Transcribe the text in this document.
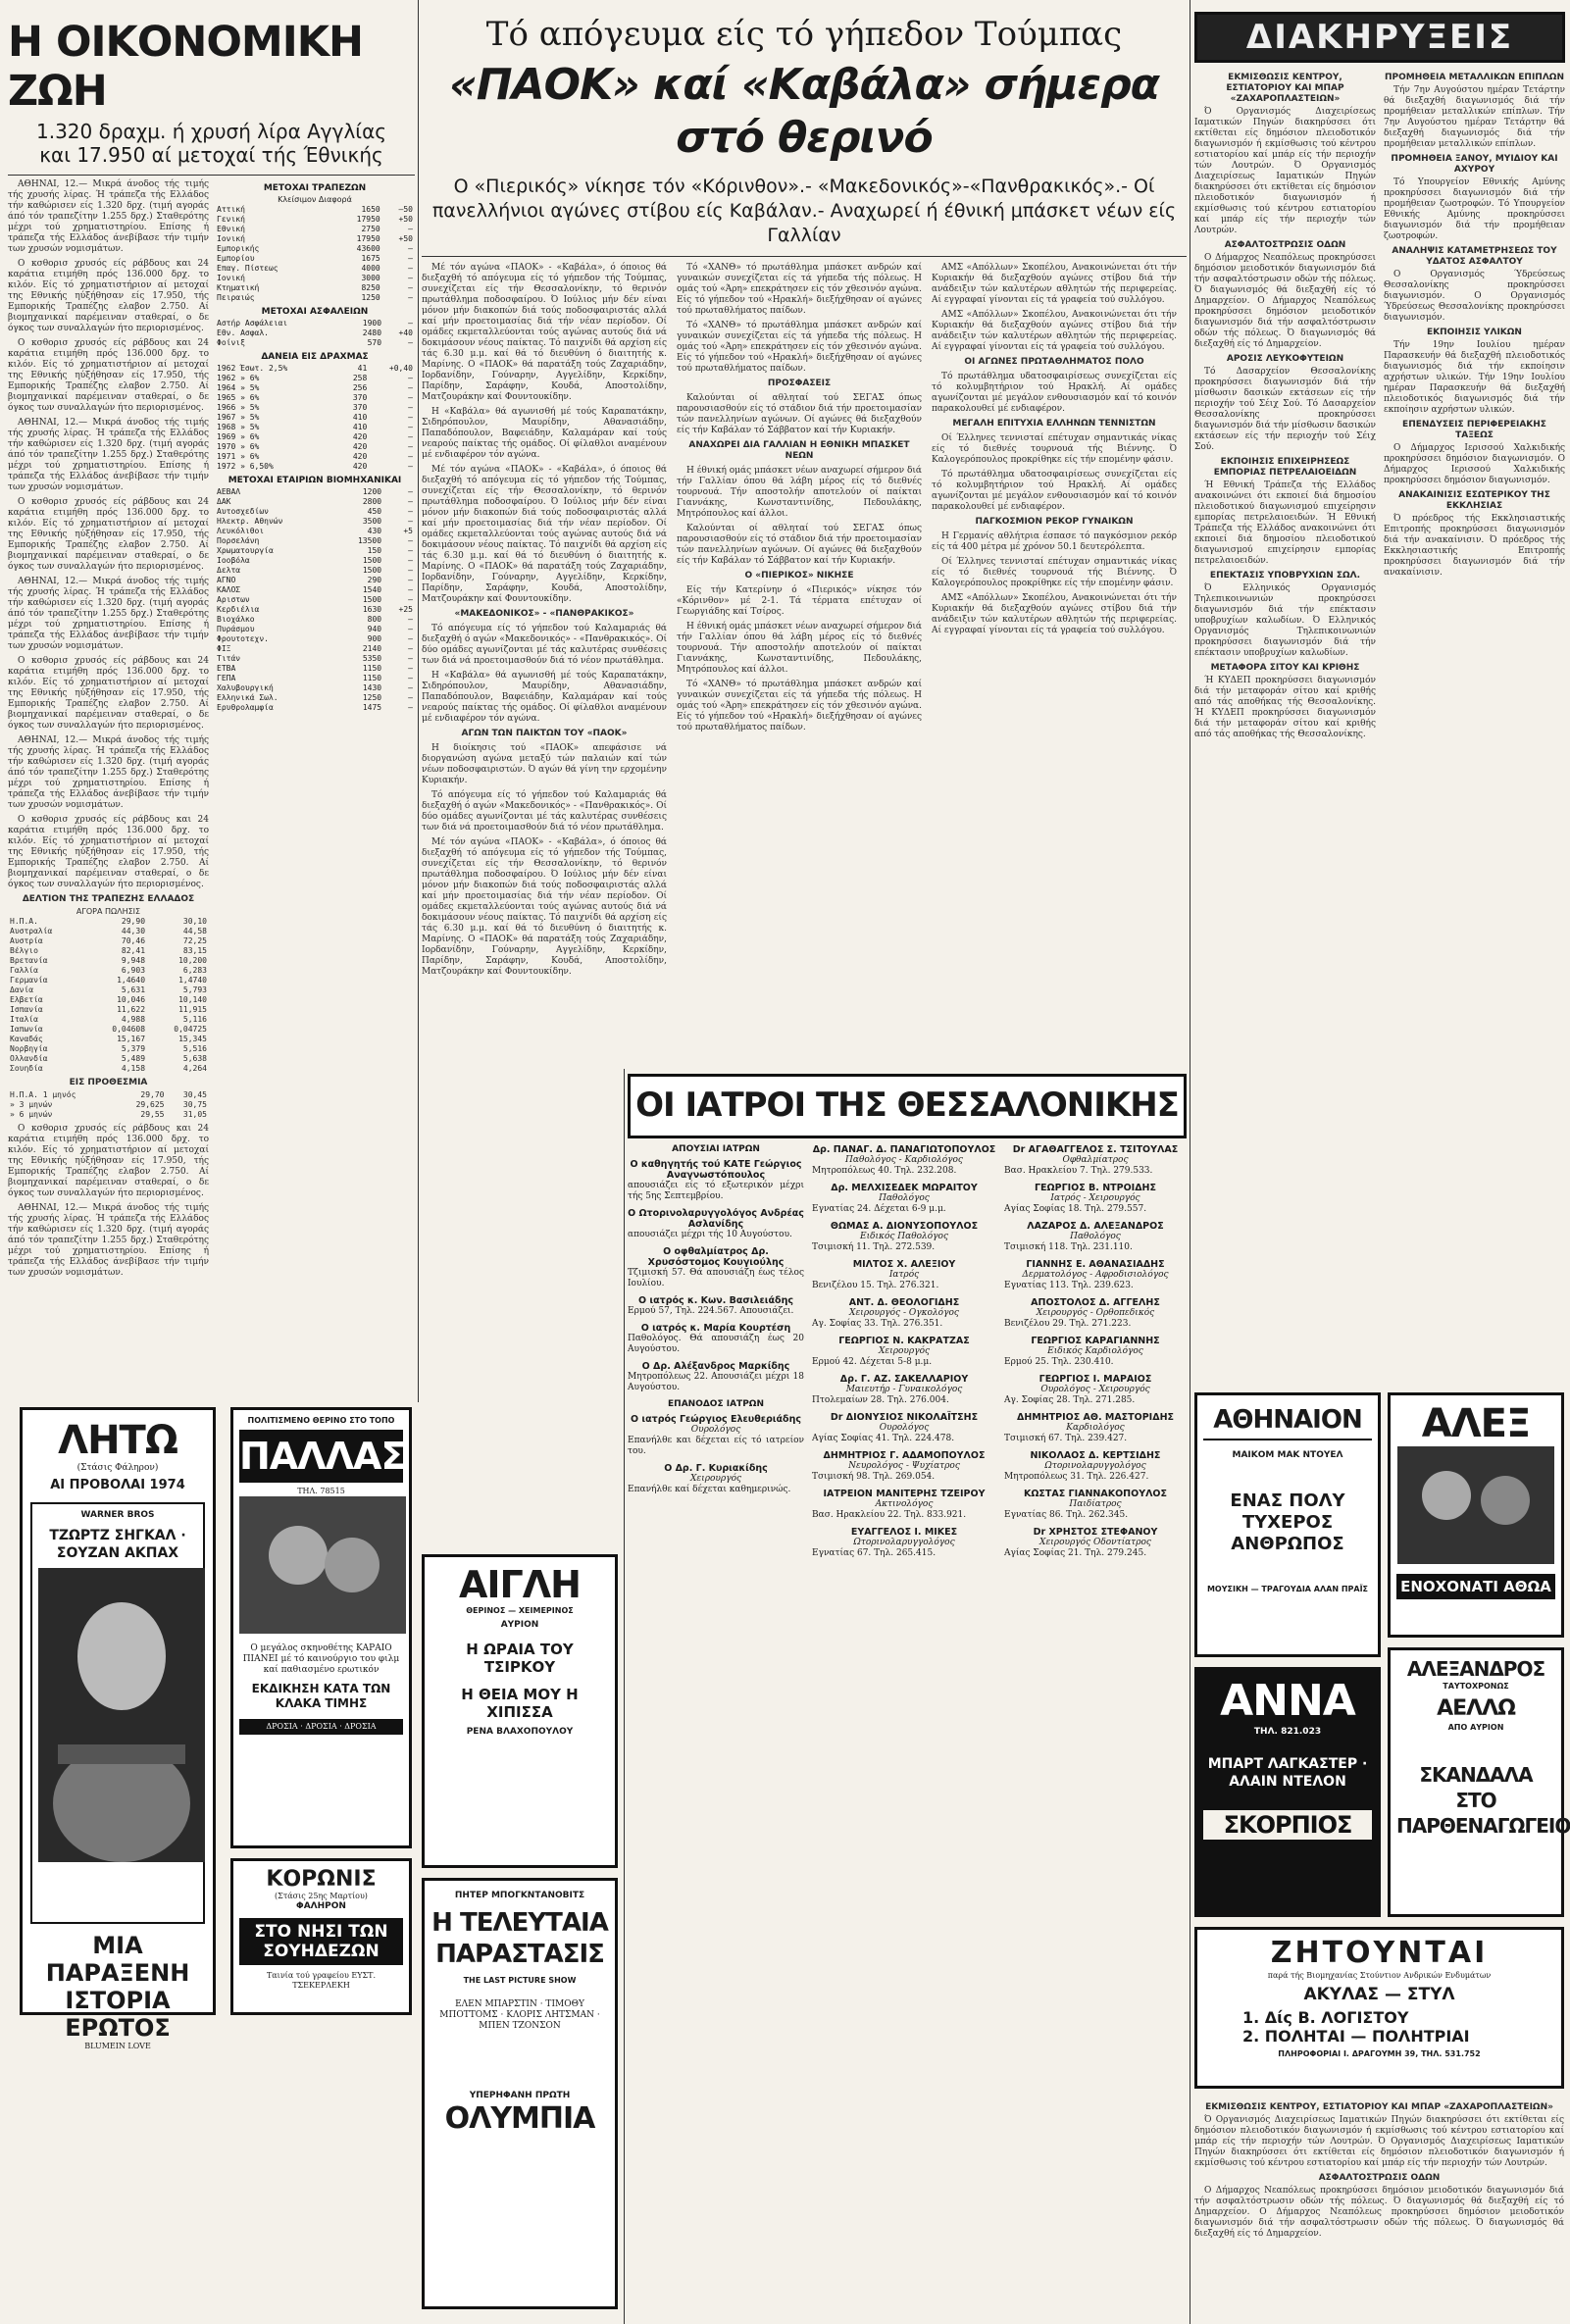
Η ΟΙΚΟΝΟΜΙΚΗ ΖΩΗ
1.320 δραχμ. ή χρυσή λίρα Αγγλίας και 17.950 αί μετοχαί τής Έθνικής

ΑΘΗΝΑΙ, 12.— Μικρά άνοδος τής τιμής τής χρυσής λίρας. Ή τράπεζα τής Ελλάδος τήν καθώρισεν είς 1.320 δρχ. (τιμή αγοράς άπό τόν τραπεζίτην 1.255 δρχ.) Σταθερότης μέχρι τού χρηματιστηρίου. Επίσης ή τράπεζα τής Ελλάδος άνεβίβασε τήν τιμήν των χρυσών νομισμάτων.

Ο κσθορισ χρυσός είς ράβδους και 24 καράτια ετιμήθη πρός 136.000 δρχ. το κιλόν. Είς τό χρηματιστήριον αί μετοχαί της Εθνικής ηύξήθησαν είς 17.950, τής Εμπορικής Τραπέζης ελαβον 2.750. Αί βιομηχανικαί παρέμειναν σταθεραί, ο δε όγκος των συναλλαγών ήτο περιορισμένος.

Ο κσθορισ χρυσός είς ράβδους και 24 καράτια ετιμήθη πρός 136.000 δρχ. το κιλόν. Είς τό χρηματιστήριον αί μετοχαί της Εθνικής ηύξήθησαν είς 17.950, τής Εμπορικής Τραπέζης ελαβον 2.750. Αί βιομηχανικαί παρέμειναν σταθεραί, ο δε όγκος των συναλλαγών ήτο περιορισμένος.

ΑΘΗΝΑΙ, 12.— Μικρά άνοδος τής τιμής τής χρυσής λίρας. Ή τράπεζα τής Ελλάδος τήν καθώρισεν είς 1.320 δρχ. (τιμή αγοράς άπό τόν τραπεζίτην 1.255 δρχ.) Σταθερότης μέχρι τού χρηματιστηρίου. Επίσης ή τράπεζα τής Ελλάδος άνεβίβασε τήν τιμήν των χρυσών νομισμάτων.

Ο κσθορισ χρυσός είς ράβδους και 24 καράτια ετιμήθη πρός 136.000 δρχ. το κιλόν. Είς τό χρηματιστήριον αί μετοχαί της Εθνικής ηύξήθησαν είς 17.950, τής Εμπορικής Τραπέζης ελαβον 2.750. Αί βιομηχανικαί παρέμειναν σταθεραί, ο δε όγκος των συναλλαγών ήτο περιορισμένος.

ΑΘΗΝΑΙ, 12.— Μικρά άνοδος τής τιμής τής χρυσής λίρας. Ή τράπεζα τής Ελλάδος τήν καθώρισεν είς 1.320 δρχ. (τιμή αγοράς άπό τόν τραπεζίτην 1.255 δρχ.) Σταθερότης μέχρι τού χρηματιστηρίου. Επίσης ή τράπεζα τής Ελλάδος άνεβίβασε τήν τιμήν των χρυσών νομισμάτων.

Ο κσθορισ χρυσός είς ράβδους και 24 καράτια ετιμήθη πρός 136.000 δρχ. το κιλόν. Είς τό χρηματιστήριον αί μετοχαί της Εθνικής ηύξήθησαν είς 17.950, τής Εμπορικής Τραπέζης ελαβον 2.750. Αί βιομηχανικαί παρέμειναν σταθεραί, ο δε όγκος των συναλλαγών ήτο περιορισμένος.

ΑΘΗΝΑΙ, 12.— Μικρά άνοδος τής τιμής τής χρυσής λίρας. Ή τράπεζα τής Ελλάδος τήν καθώρισεν είς 1.320 δρχ. (τιμή αγοράς άπό τόν τραπεζίτην 1.255 δρχ.) Σταθερότης μέχρι τού χρηματιστηρίου. Επίσης ή τράπεζα τής Ελλάδος άνεβίβασε τήν τιμήν των χρυσών νομισμάτων.

Ο κσθορισ χρυσός είς ράβδους και 24 καράτια ετιμήθη πρός 136.000 δρχ. το κιλόν. Είς τό χρηματιστήριον αί μετοχαί της Εθνικής ηύξήθησαν είς 17.950, τής Εμπορικής Τραπέζης ελαβον 2.750. Αί βιομηχανικαί παρέμειναν σταθεραί, ο δε όγκος των συναλλαγών ήτο περιορισμένος.

ΔΕΛΤΙΟΝ ΤΗΣ ΤΡΑΠΕΖΗΣ ΕΛΛΑΔΟΣ
ΑΓΟΡΑ ΠΩΛΗΣΙΣ
Η.Π.Α.	29,90	30,10
Αυστραλία	44,30	44,58
Αυστρία	70,46	72,25
Βέλγιο	82,41	83,15
Βρετανία	9,948	10,200
Γαλλία	6,903	6,283
Γερμανία	1,4640	1,4740
Δανία	5,631	5,793
Ελβετία	10,046	10,140
Ισπανία	11,622	11,915
Ιταλία	4,988	5,116
Ιαπωνία	0,04608	0,04725
Καναδάς	15,167	15,345
Νορβηγία	5,379	5,516
Ολλανδία	5,489	5,638
Σουηδία	4,158	4,264
ΕΙΣ ΠΡΟΘΕΣΜΙΑ
Η.Π.Α. 1 μηνός	29,70	30,45
» 3 μηνών	29,625	30,75
» 6 μηνών	29,55	31,05

Ο κσθορισ χρυσός είς ράβδους και 24 καράτια ετιμήθη πρός 136.000 δρχ. το κιλόν. Είς τό χρηματιστήριον αί μετοχαί της Εθνικής ηύξήθησαν είς 17.950, τής Εμπορικής Τραπέζης ελαβον 2.750. Αί βιομηχανικαί παρέμειναν σταθεραί, ο δε όγκος των συναλλαγών ήτο περιορισμένος.

ΑΘΗΝΑΙ, 12.— Μικρά άνοδος τής τιμής τής χρυσής λίρας. Ή τράπεζα τής Ελλάδος τήν καθώρισεν είς 1.320 δρχ. (τιμή αγοράς άπό τόν τραπεζίτην 1.255 δρχ.) Σταθερότης μέχρι τού χρηματιστηρίου. Επίσης ή τράπεζα τής Ελλάδος άνεβίβασε τήν τιμήν των χρυσών νομισμάτων.

ΜΕΤΟΧΑΙ ΤΡΑΠΕΖΩΝ
Κλείσιμον Διαφορά
Αττική	1650	—50
Γενική	17950	+50
Εθνική	2750	—
Ιονική	17950	+50
Εμπορικής	43600	—
Εμπορίου	1675	—
Επαγ. Πίστεως	4000	—
Ιονική	3000	—
Κτηματική	8250	—
Πειραιώς	1250	—
ΜΕΤΟΧΑΙ ΑΣΦΑΛΕΙΩΝ
Αστήρ Ασφάλειαι	1900	—
Εθν. Ασφαλ.	2480	+40
Φοίνιξ	570	—
ΔΑΝΕΙΑ ΕΙΣ ΔΡΑΧΜΑΣ
1962 Έσωτ. 2,5%	41	+0,40
1962 » 6%	258	—
1964 » 5%	256	—
1965 » 6%	370	—
1966 » 5%	370	—
1967 » 5%	410	—
1968 » 5%	410	—
1969 » 6%	420	—
1970 » 6%	420	—
1971 » 6%	420	—
1972 » 6,50%	420	—
ΜΕΤΟΧΑΙ ΕΤΑΙΡΙΩΝ ΒΙΟΜΗΧΑΝΙΚΑΙ
ΑΕΒΑΛ	1200	—
ΔΑΚ	2800	—
Αυτοσχεδίων	450	—
Ηλεκτρ. Αθηνών	3500	—
Λευκόλιθοι	430	+5
Πορσελάνη	13500	—
Χρωματουργία	150	—
Ιοοβόλα	1500	—
Δελτα	1500	—
ΑΓΝΟ	290	—
ΚΑΛΟΣ	1540	—
Αριστων	1500	—
Κερδιέλια	1630	+25
Βιοχάλκο	800	—
Πυράσμου	940	—
Φρουτοτεχν.	900	—
ΦΙΞ	2140	—
Τιτάν	5350	—
ΕΤΒΑ	1150	—
ΓΕΠΑ	1150	—
Χαλυβουργική	1430	—
Ελληνικά Σωλ.	1250	—
Ερυθρολαμφία	1475	—
ΛΗΤΩ
(Στάσις Φάληρον)
ΑΙ ΠΡΟΒΟΛΑΙ 1974
WARNER BROS
ΤΖΩΡΤΖ ΣΗΓΚΑΛ · ΣΟΥΖΑΝ ΑΚΠΑΧ
ΜΙΑ ΠΑΡΑΞΕΝΗ ΙΣΤΟΡΙΑ ΕΡΩΤΟΣ
BLUMEIN LOVE
ΠΟΛΙΤΙΣΜΕΝΟ ΘΕΡΙΝΟ ΣΤΟ ΤΟΠΟ
ΠΑΛΛΑΣ
ΤΗΛ. 78515
Ο μεγάλος σκηνοθέτης ΚΑΡΑΙΟ ΠΙΑΝΕΙ μέ τό καινούργιο του φιλμ καί παθιασμένο ερωτικόν
ΕΚΔΙΚΗΣΗ ΚΑΤΑ ΤΩΝ ΚΛΑΚΑ ΤΙΜΗΣ
ΔΡΟΣΙΑ · ΔΡΟΣΙΑ · ΔΡΟΣΙΑ
ΚΟΡΩΝΙΣ
(Στάσις 25ης Μαρτίου)
ΦΑΛΗΡΟΝ
ΣΤΟ ΝΗΣΙ ΤΩΝ ΣΟΥΗΔΕΖΩΝ
Ταινία τού γραφείου ΕΥΣΤ. ΤΣΕΚΕΡΛΕΚΗ
Τό απόγευμα είς τό γήπεδον Τούμπας
«ΠΑΟΚ» καί «Καβάλα» σήμερα στό θερινό
Ο «Πιερικός» νίκησε τόν «Κόρινθον».- «Μακεδονικός»-«Πανθρακικός».- Οί πανελλήνιοι αγώνες στίβου είς Καβάλαν.- Αναχωρεί ή έθνική μπάσκετ νέων είς Γαλλίαν

Μέ τόν αγώνα «ΠΑΟΚ» - «Καβάλα», ό όποιος θά διεξαχθή τό απόγευμα είς τό γήπεδον τής Τούμπας, συνεχίζεται είς τήν Θεσσαλονίκην, τό θερινόν πρωτάθλημα ποδοσφαίρου. Ό Ιούλιος μήν δέν είναι μόνον μήν διακοπών διά τούς ποδοσφαιριστάς αλλά καί μήν προετοιμασίας διά τήν νέαν περίοδον. Οί ομάδες εκμεταλλεύονται τούς αγώνας αυτούς διά νά δοκιμάσουν νέους παίκτας. Τό παιχνίδι θά αρχίση είς τάς 6.30 μ.μ. καί θά τό διευθύνη ό διαιτητής κ. Μαρίνης. Ο «ΠΑΟΚ» θά παρατάξη τούς Ζαχαριάδην, Ιορδανίδην, Γούναρην, Αγγελίδην, Κερκίδην, Παρίδην, Σαράφην, Κουδά, Αποστολίδην, Ματζουράκην καί Φουντουκίδην.

Η «Καβάλα» θά αγωνισθή μέ τούς Καραπατάκην, Σιδηρόπουλον, Μαυρίδην, Αθανασιάδην, Παπαδόπουλον, Βαφειάδην, Καλαμάραν καί τούς νεαρούς παίκτας τής ομάδος. Οί φίλαθλοι αναμένουν μέ ενδιαφέρον τόν αγώνα.

Μέ τόν αγώνα «ΠΑΟΚ» - «Καβάλα», ό όποιος θά διεξαχθή τό απόγευμα είς τό γήπεδον τής Τούμπας, συνεχίζεται είς τήν Θεσσαλονίκην, τό θερινόν πρωτάθλημα ποδοσφαίρου. Ό Ιούλιος μήν δέν είναι μόνον μήν διακοπών διά τούς ποδοσφαιριστάς αλλά καί μήν προετοιμασίας διά τήν νέαν περίοδον. Οί ομάδες εκμεταλλεύονται τούς αγώνας αυτούς διά νά δοκιμάσουν νέους παίκτας. Τό παιχνίδι θά αρχίση είς τάς 6.30 μ.μ. καί θά τό διευθύνη ό διαιτητής κ. Μαρίνης. Ο «ΠΑΟΚ» θά παρατάξη τούς Ζαχαριάδην, Ιορδανίδην, Γούναρην, Αγγελίδην, Κερκίδην, Παρίδην, Σαράφην, Κουδά, Αποστολίδην, Ματζουράκην καί Φουντουκίδην.

«ΜΑΚΕΔΟΝΙΚΟΣ» - «ΠΑΝΘΡΑΚΙΚΟΣ»

Τό απόγευμα είς τό γήπεδον τού Καλαμαριάς θά διεξαχθή ό αγών «Μακεδονικός» - «Πανθρακικός». Οί δύο ομάδες αγωνίζονται μέ τάς καλυτέρας συνθέσεις των διά νά προετοιμασθούν διά τό νέον πρωτάθλημα.

Η «Καβάλα» θά αγωνισθή μέ τούς Καραπατάκην, Σιδηρόπουλον, Μαυρίδην, Αθανασιάδην, Παπαδόπουλον, Βαφειάδην, Καλαμάραν καί τούς νεαρούς παίκτας τής ομάδος. Οί φίλαθλοι αναμένουν μέ ενδιαφέρον τόν αγώνα.

ΑΓΩΝ ΤΩΝ ΠΑΙΚΤΩΝ ΤΟΥ «ΠΑΟΚ»

Η διοίκησις τού «ΠΑΟΚ» απεφάσισε νά διοργανώση αγώνα μεταξύ τών παλαιών καί τών νέων ποδοσφαιριστών. Ό αγών θά γίνη την ερχομένην Κυριακήν.

Τό απόγευμα είς τό γήπεδον τού Καλαμαριάς θά διεξαχθή ό αγών «Μακεδονικός» - «Πανθρακικός». Οί δύο ομάδες αγωνίζονται μέ τάς καλυτέρας συνθέσεις των διά νά προετοιμασθούν διά τό νέον πρωτάθλημα.

Μέ τόν αγώνα «ΠΑΟΚ» - «Καβάλα», ό όποιος θά διεξαχθή τό απόγευμα είς τό γήπεδον τής Τούμπας, συνεχίζεται είς τήν Θεσσαλονίκην, τό θερινόν πρωτάθλημα ποδοσφαίρου. Ό Ιούλιος μήν δέν είναι μόνον μήν διακοπών διά τούς ποδοσφαιριστάς αλλά καί μήν προετοιμασίας διά τήν νέαν περίοδον. Οί ομάδες εκμεταλλεύονται τούς αγώνας αυτούς διά νά δοκιμάσουν νέους παίκτας. Τό παιχνίδι θά αρχίση είς τάς 6.30 μ.μ. καί θά τό διευθύνη ό διαιτητής κ. Μαρίνης. Ο «ΠΑΟΚ» θά παρατάξη τούς Ζαχαριάδην, Ιορδανίδην, Γούναρην, Αγγελίδην, Κερκίδην, Παρίδην, Σαράφην, Κουδά, Αποστολίδην, Ματζουράκην καί Φουντουκίδην.

Τό «ΧΑΝΘ» τό πρωτάθλημα μπάσκετ ανδρών καί γυναικών συνεχίζεται είς τά γήπεδα τής πόλεως. Η ομάς τού «Άρη» επεκράτησεν είς τόν χθεσινόν αγώνα. Είς τό γήπεδον τού «Ηρακλή» διεξήχθησαν οί αγώνες τού πρωταθλήματος παίδων.

Τό «ΧΑΝΘ» τό πρωτάθλημα μπάσκετ ανδρών καί γυναικών συνεχίζεται είς τά γήπεδα τής πόλεως. Η ομάς τού «Άρη» επεκράτησεν είς τόν χθεσινόν αγώνα. Είς τό γήπεδον τού «Ηρακλή» διεξήχθησαν οί αγώνες τού πρωταθλήματος παίδων.

ΠΡΟΣΦΑΣΕΙΣ

Καλούνται οί αθληταί τού ΣΕΓΑΣ όπως παρουσιασθούν είς τό στάδιον διά τήν προετοιμασίαν τών πανελληνίων αγώνων. Οί αγώνες θά διεξαχθούν είς τήν Καβάλαν τό Σάββατον καί τήν Κυριακήν.

ΑΝΑΧΩΡΕΙ ΔΙΑ ΓΑΛΛΙΑΝ Η ΕΘΝΙΚΗ ΜΠΑΣΚΕΤ ΝΕΩΝ

Η έθνική ομάς μπάσκετ νέων αναχωρεί σήμερον διά τήν Γαλλίαν όπου θά λάβη μέρος είς τό διεθνές τουρνουά. Τήν αποστολήν αποτελούν οί παίκται Γιαννάκης, Κωνσταντινίδης, Πεδουλάκης, Μητρόπουλος καί άλλοι.

Καλούνται οί αθληταί τού ΣΕΓΑΣ όπως παρουσιασθούν είς τό στάδιον διά τήν προετοιμασίαν τών πανελληνίων αγώνων. Οί αγώνες θά διεξαχθούν είς τήν Καβάλαν τό Σάββατον καί τήν Κυριακήν.

Ο «ΠΙΕΡΙΚΟΣ» ΝΙΚΗΣΕ

Είς τήν Κατερίνην ό «Πιερικός» νίκησε τόν «Κόρινθον» μέ 2-1. Τά τέρματα επέτυχαν οί Γεωργιάδης καί Τσίρος.

Η έθνική ομάς μπάσκετ νέων αναχωρεί σήμερον διά τήν Γαλλίαν όπου θά λάβη μέρος είς τό διεθνές τουρνουά. Τήν αποστολήν αποτελούν οί παίκται Γιαννάκης, Κωνσταντινίδης, Πεδουλάκης, Μητρόπουλος καί άλλοι.

Τό «ΧΑΝΘ» τό πρωτάθλημα μπάσκετ ανδρών καί γυναικών συνεχίζεται είς τά γήπεδα τής πόλεως. Η ομάς τού «Άρη» επεκράτησεν είς τόν χθεσινόν αγώνα. Είς τό γήπεδον τού «Ηρακλή» διεξήχθησαν οί αγώνες τού πρωταθλήματος παίδων.

ΑΜΣ «Απόλλων» Σκοπέλου, Ανακοινώνεται ότι τήν Κυριακήν θά διεξαχθούν αγώνες στίβου διά τήν ανάδειξιν τών καλυτέρων αθλητών τής περιφερείας. Αί εγγραφαί γίνονται είς τά γραφεία τού συλλόγου.

ΑΜΣ «Απόλλων» Σκοπέλου, Ανακοινώνεται ότι τήν Κυριακήν θά διεξαχθούν αγώνες στίβου διά τήν ανάδειξιν τών καλυτέρων αθλητών τής περιφερείας. Αί εγγραφαί γίνονται είς τά γραφεία τού συλλόγου.

ΟΙ ΑΓΩΝΕΣ ΠΡΩΤΑΘΛΗΜΑΤΟΣ ΠΟΛΟ

Τό πρωτάθλημα υδατοσφαιρίσεως συνεχίζεται είς τό κολυμβητήριον τού Ηρακλή. Αί ομάδες αγωνίζονται μέ μεγάλον ενθουσιασμόν καί τό κοινόν παρακολουθεί μέ ενδιαφέρον.

ΜΕΓΑΛΗ ΕΠΙΤΥΧΙΑ ΕΛΛΗΝΩΝ ΤΕΝΝΙΣΤΩΝ

Οί Έλληνες τεννισταί επέτυχαν σημαντικάς νίκας είς τό διεθνές τουρνουά τής Βιέννης. Ό Καλογερόπουλος προκρίθηκε είς τήν επομένην φάσιν.

Τό πρωτάθλημα υδατοσφαιρίσεως συνεχίζεται είς τό κολυμβητήριον τού Ηρακλή. Αί ομάδες αγωνίζονται μέ μεγάλον ενθουσιασμόν καί τό κοινόν παρακολουθεί μέ ενδιαφέρον.

ΠΑΓΚΟΣΜΙΟΝ ΡΕΚΟΡ ΓΥΝΑΙΚΩΝ

Η Γερμανίς αθλήτρια έσπασε τό παγκόσμιον ρεκόρ είς τά 400 μέτρα μέ χρόνον 50.1 δευτερόλεπτα.

Οί Έλληνες τεννισταί επέτυχαν σημαντικάς νίκας είς τό διεθνές τουρνουά τής Βιέννης. Ό Καλογερόπουλος προκρίθηκε είς τήν επομένην φάσιν.

ΑΜΣ «Απόλλων» Σκοπέλου, Ανακοινώνεται ότι τήν Κυριακήν θά διεξαχθούν αγώνες στίβου διά τήν ανάδειξιν τών καλυτέρων αθλητών τής περιφερείας. Αί εγγραφαί γίνονται είς τά γραφεία τού συλλόγου.

ΟΙ ΙΑΤΡΟΙ ΤΗΣ ΘΕΣΣΑΛΟΝΙΚΗΣ
ΑΠΟΥΣΙΑΙ ΙΑΤΡΩΝ
Ο καθηγητής τού ΚΑΤΕ Γεώργιος Αναγνωστόπουλος
απουσιάζει είς τό εξωτερικόν μέχρι τής 5ης Σεπτεμβρίου.
Ο Ωτορινολαρυγγολόγος Ανδρέας Ασλανίδης
απουσιάζει μέχρι τής 10 Αυγούστου.
Ο οφθαλμίατρος Δρ. Χρυσόστομος Κουγιούλης
Τζιμισκή 57. Θά απουσιάζη έως τέλος Ιουλίου.
Ο ιατρός κ. Κων. Βασιλειάδης
Ερμού 57, Τηλ. 224.567. Απουσιάζει.
Ο ιατρός κ. Μαρία Κουρτέση
Παθολόγος. Θά απουσιάζη έως 20 Αυγούστου.
Ο Δρ. Αλέξανδρος Μαρκίδης
Μητροπόλεως 22. Απουσιάζει μέχρι 18 Αυγούστου.
ΕΠΑΝΟΔΟΣ ΙΑΤΡΩΝ
Ο ιατρός Γεώργιος Ελευθεριάδης
Ουρολόγος
Επανήλθε και δέχεται είς τό ιατρείον του.
Ο Δρ. Γ. Κυριακίδης
Χειρουργός
Επανήλθε καί δέχεται καθημερινώς.
Δρ. ΠΑΝΑΓ. Δ. ΠΑΝΑΓΙΩΤΟΠΟΥΛΟΣ
Παθολόγος - Καρδιολόγος
Μητροπόλεως 40. Τηλ. 232.208.
Δρ. ΜΕΛΧΙΣΕΔΕΚ ΜΩΡΑΙΤΟΥ
Παθολόγος
Εγνατίας 24. Δέχεται 6-9 μ.μ.
ΘΩΜΑΣ Α. ΔΙΟΝΥΣΟΠΟΥΛΟΣ
Ειδικός Παθολόγος
Τσιμισκή 11. Τηλ. 272.539.
ΜΙΛΤΟΣ Χ. ΑΛΕΞΙΟΥ
Ιατρός
Βενιζέλου 15. Τηλ. 276.321.
ΑΝΤ. Δ. ΘΕΟΛΟΓΙΔΗΣ
Χειρουργός - Ογκολόγος
Αγ. Σοφίας 33. Τηλ. 276.351.
ΓΕΩΡΓΙΟΣ Ν. ΚΑΚΡΑΤΖΑΣ
Χειρουργός
Ερμού 42. Δέχεται 5-8 μ.μ.
Δρ. Γ. ΑΖ. ΣΑΚΕΛΛΑΡΙΟΥ
Μαιευτήρ - Γυναικολόγος
Πτολεμαίων 28. Τηλ. 276.004.
Dr ΔΙΟΝΥΣΙΟΣ ΝΙΚΟΛΑΪΤΣΗΣ
Ουρολόγος
Αγίας Σοφίας 41. Τηλ. 224.478.
ΔΗΜΗΤΡΙΟΣ Γ. ΑΔΑΜΟΠΟΥΛΟΣ
Νευρολόγος - Ψυχίατρος
Τσιμισκή 98. Τηλ. 269.054.
ΙΑΤΡΕΙΟΝ ΜΑΝΙΤΕΡΗΣ ΤΖΕΙΡΟΥ
Ακτινολόγος
Βασ. Ηρακλείου 22. Τηλ. 833.921.
ΕΥΑΓΓΕΛΟΣ Ι. ΜΙΚΕΣ
Ωτορινολαρυγγολόγος
Εγνατίας 67. Τηλ. 265.415.
Dr ΑΓΑΘΑΓΓΕΛΟΣ Σ. ΤΣΙΤΟΥΛΑΣ
Οφθαλμίατρος
Βασ. Ηρακλείου 7. Τηλ. 279.533.
ΓΕΩΡΓΙΟΣ Β. ΝΤΡΟΙΔΗΣ
Ιατρός - Χειρουργός
Αγίας Σοφίας 18. Τηλ. 279.557.
ΛΑΖΑΡΟΣ Δ. ΑΛΕΞΑΝΔΡΟΣ
Παθολόγος
Τσιμισκή 118. Τηλ. 231.110.
ΓΙΑΝΝΗΣ Ε. ΑΘΑΝΑΣΙΑΔΗΣ
Δερματολόγος - Αφροδισιολόγος
Εγνατίας 113. Τηλ. 239.623.
ΑΠΟΣΤΟΛΟΣ Δ. ΑΓΓΕΛΗΣ
Χειρουργός - Ορθοπεδικός
Βενιζέλου 29. Τηλ. 271.223.
ΓΕΩΡΓΙΟΣ ΚΑΡΑΓΙΑΝΝΗΣ
Ειδικός Καρδιολόγος
Ερμού 25. Τηλ. 230.410.
ΓΕΩΡΓΙΟΣ Ι. ΜΑΡΑΙΟΣ
Ουρολόγος - Χειρουργός
Αγ. Σοφίας 28. Τηλ. 271.285.
ΔΗΜΗΤΡΙΟΣ ΑΘ. ΜΑΣΤΟΡΙΔΗΣ
Καρδιολόγος
Τσιμισκή 67. Τηλ. 239.427.
ΝΙΚΟΛΑΟΣ Δ. ΚΕΡΤΣΙΔΗΣ
Ωτορινολαρυγγολόγος
Μητροπόλεως 31. Τηλ. 226.427.
ΚΩΣΤΑΣ ΓΙΑΝΝΑΚΟΠΟΥΛΟΣ
Παιδίατρος
Εγνατίας 86. Τηλ. 262.345.
Dr ΧΡΗΣΤΟΣ ΣΤΕΦΑΝΟΥ
Χειρουργός Οδοντίατρος
Αγίας Σοφίας 21. Τηλ. 279.245.
ΑΙΓΛΗ
ΘΕΡΙΝΟΣ — ΧΕΙΜΕΡΙΝΟΣ
ΑΥΡΙΟΝ
Η ΩΡΑΙΑ ΤΟΥ ΤΣΙΡΚΟΥ
Η ΘΕΙΑ ΜΟΥ Η ΧΙΠΙΣΣΑ
ΡΕΝΑ ΒΛΑΧΟΠΟΥΛΟΥ
ΠΗΤΕΡ ΜΠΟΓΚΝΤΑΝΟΒΙΤΣ
Η ΤΕΛΕΥΤΑΙΑ ΠΑΡΑΣΤΑΣΙΣ
THE LAST PICTURE SHOW
ΕΛΕΝ ΜΠΑΡΣΤΙΝ · ΤΙΜΟΘΥ ΜΠΟΤΤΟΜΣ · ΚΛΟΡΙΣ ΛΗΤΣΜΑΝ · ΜΠΕΝ ΤΖΟΝΣΟΝ
ΥΠΕΡΗΦΑΝΗ ΠΡΩΤΗ
ΟΛΥΜΠΙΑ
ΔΙΑΚΗΡΥΞΕΙΣ
ΕΚΜΙΣΘΩΣΙΣ ΚΕΝΤΡΟΥ, ΕΣΤΙΑΤΟΡΙΟΥ ΚΑΙ ΜΠΑΡ «ΖΑΧΑΡΟΠΛΑΣΤΕΙΩΝ»

Ό Οργανισμός Διαχειρίσεως Ιαματικών Πηγών διακηρύσσει ότι εκτίθεται είς δημόσιον πλειοδοτικόν διαγωνισμόν ή εκμίσθωσις τού κέντρου εστιατορίου καί μπάρ είς τήν περιοχήν τών Λουτρών. Ό Οργανισμός Διαχειρίσεως Ιαματικών Πηγών διακηρύσσει ότι εκτίθεται είς δημόσιον πλειοδοτικόν διαγωνισμόν ή εκμίσθωσις τού κέντρου εστιατορίου καί μπάρ είς τήν περιοχήν τών Λουτρών.

ΑΣΦΑΛΤΟΣΤΡΩΣΙΣ ΟΔΩΝ

Ο Δήμαρχος Νεαπόλεως προκηρύσσει δημόσιον μειοδοτικόν διαγωνισμόν διά τήν ασφαλτόστρωσιν οδών τής πόλεως. Ό διαγωνισμός θά διεξαχθή είς τό Δημαρχείον. Ο Δήμαρχος Νεαπόλεως προκηρύσσει δημόσιον μειοδοτικόν διαγωνισμόν διά τήν ασφαλτόστρωσιν οδών τής πόλεως. Ό διαγωνισμός θά διεξαχθή είς τό Δημαρχείον.

ΑΡΟΣΙΣ ΛΕΥΚΟΦΥΤΕΙΩΝ

Τό Δασαρχείον Θεσσαλονίκης προκηρύσσει διαγωνισμόν διά τήν μίσθωσιν δασικών εκτάσεων είς τήν περιοχήν τού Σέιχ Σού. Τό Δασαρχείον Θεσσαλονίκης προκηρύσσει διαγωνισμόν διά τήν μίσθωσιν δασικών εκτάσεων είς τήν περιοχήν τού Σέιχ Σού.

ΕΚΠΟΙΗΣΙΣ ΕΠΙΧΕΙΡΗΣΕΩΣ ΕΜΠΟΡΙΑΣ ΠΕΤΡΕΛΑΙΟΕΙΔΩΝ

Ή Εθνική Τράπεζα τής Ελλάδος ανακοινώνει ότι εκποιεί διά δημοσίου πλειοδοτικού διαγωνισμού επιχείρησιν εμπορίας πετρελαιοειδών. Ή Εθνική Τράπεζα τής Ελλάδος ανακοινώνει ότι εκποιεί διά δημοσίου πλειοδοτικού διαγωνισμού επιχείρησιν εμπορίας πετρελαιοειδών.

ΕΠΕΚΤΑΣΙΣ ΥΠΟΒΡΥΧΙΩΝ ΣΩΛ.

Ό Ελληνικός Οργανισμός Τηλεπικοινωνιών προκηρύσσει διαγωνισμόν διά τήν επέκτασιν υποβρυχίων καλωδίων. Ό Ελληνικός Οργανισμός Τηλεπικοινωνιών προκηρύσσει διαγωνισμόν διά τήν επέκτασιν υποβρυχίων καλωδίων.

ΜΕΤΑΦΟΡΑ ΣΙΤΟΥ ΚΑΙ ΚΡΙΘΗΣ

Ή ΚΥΔΕΠ προκηρύσσει διαγωνισμόν διά τήν μεταφοράν σίτου καί κριθής από τάς αποθήκας τής Θεσσαλονίκης. Ή ΚΥΔΕΠ προκηρύσσει διαγωνισμόν διά τήν μεταφοράν σίτου καί κριθής από τάς αποθήκας τής Θεσσαλονίκης.

ΠΡΟΜΗΘΕΙΑ ΜΕΤΑΛΛΙΚΩΝ ΕΠΙΠΛΩΝ

Τήν 7ην Αυγούστου ημέραν Τετάρτην θά διεξαχθή διαγωνισμός διά τήν προμήθειαν μεταλλικών επίπλων. Τήν 7ην Αυγούστου ημέραν Τετάρτην θά διεξαχθή διαγωνισμός διά τήν προμήθειαν μεταλλικών επίπλων.

ΠΡΟΜΗΘΕΙΑ ΞΑΝΟΥ, ΜΥΙΔΙΟΥ ΚΑΙ ΑΧΥΡΟΥ

Τό Υπουργείον Εθνικής Αμύνης προκηρύσσει διαγωνισμόν διά τήν προμήθειαν ζωοτροφών. Τό Υπουργείον Εθνικής Αμύνης προκηρύσσει διαγωνισμόν διά τήν προμήθειαν ζωοτροφών.

ΑΝΑΛΗΨΙΣ ΚΑΤΑΜΕΤΡΗΣΕΩΣ ΤΟΥ ΥΔΑΤΟΣ ΑΣΦΑΛΤΟΥ

Ο Οργανισμός Ύδρεύσεως Θεσσαλονίκης προκηρύσσει διαγωνισμόν. Ο Οργανισμός Ύδρεύσεως Θεσσαλονίκης προκηρύσσει διαγωνισμόν.

ΕΚΠΟΙΗΣΙΣ ΥΛΙΚΩΝ

Τήν 19ην Ιουλίου ημέραν Παρασκευήν θά διεξαχθή πλειοδοτικός διαγωνισμός διά τήν εκποίησιν αχρήστων υλικών. Τήν 19ην Ιουλίου ημέραν Παρασκευήν θά διεξαχθή πλειοδοτικός διαγωνισμός διά τήν εκποίησιν αχρήστων υλικών.

ΕΠΕΝΔΥΣΕΙΣ ΠΕΡΙΦΕΡΕΙΑΚΗΣ ΤΑΞΕΩΣ

Ο Δήμαρχος Ιερισσού Χαλκιδικής προκηρύσσει δημόσιον διαγωνισμόν. Ο Δήμαρχος Ιερισσού Χαλκιδικής προκηρύσσει δημόσιον διαγωνισμόν.

ΑΝΑΚΑΙΝΙΣΙΣ ΕΣΩΤΕΡΙΚΟΥ ΤΗΣ ΕΚΚΛΗΣΙΑΣ

Ό πρόεδρος τής Εκκλησιαστικής Επιτροπής προκηρύσσει διαγωνισμόν διά τήν ανακαίνισιν. Ό πρόεδρος τής Εκκλησιαστικής Επιτροπής προκηρύσσει διαγωνισμόν διά τήν ανακαίνισιν.

ΑΛΕΞ
ΕΝΟΧΟΝΑΤΙ ΑΘΩΑ
ΑΘΗΝΑΙΟΝ
ΜΑΙΚΟΜ ΜΑΚ ΝΤΟΥΕΛ
ΕΝΑΣ ΠΟΛΥ ΤΥΧΕΡΟΣ ΑΝΘΡΩΠΟΣ
ΜΟΥΣΙΚΗ — ΤΡΑΓΟΥΔΙΑ ΑΛΑΝ ΠΡΑΪΣ
ΑΝΝΑ
ΤΗΛ. 821.023
ΜΠΑΡΤ ΛΑΓΚΑΣΤΕΡ · ΑΛΑΙΝ ΝΤΕΛΟΝ
ΣΚΟΡΠΙΟΣ
ΑΛΕΞΑΝΔΡΟΣ
ΤΑΥΤΟΧΡΟΝΩΣ
ΑΕΛΛΩ
ΑΠΟ ΑΥΡΙΟΝ
ΣΚΑΝΔΑΛΑ ΣΤΟ ΠΑΡΘΕΝΑΓΩΓΕΙΟ
ΖΗΤΟΥΝΤΑΙ
παρά τής Βιομηχανίας Στούντιον Ανδρικών Ενδυμάτων
ΑΚΥΛΑΣ — ΣΤΥΛ
1. Δίς Β. ΛΟΓΙΣΤΟΥ
2. ΠΟΛΗΤΑΙ — ΠΟΛΗΤΡΙΑΙ
ΠΛΗΡΟΦΟΡΙΑΙ Ι. ΔΡΑΓΟΥΜΗ 39, ΤΗΛ. 531.752
ΕΚΜΙΣΘΩΣΙΣ ΚΕΝΤΡΟΥ, ΕΣΤΙΑΤΟΡΙΟΥ ΚΑΙ ΜΠΑΡ «ΖΑΧΑΡΟΠΛΑΣΤΕΙΩΝ»

Ό Οργανισμός Διαχειρίσεως Ιαματικών Πηγών διακηρύσσει ότι εκτίθεται είς δημόσιον πλειοδοτικόν διαγωνισμόν ή εκμίσθωσις τού κέντρου εστιατορίου καί μπάρ είς τήν περιοχήν τών Λουτρών. Ό Οργανισμός Διαχειρίσεως Ιαματικών Πηγών διακηρύσσει ότι εκτίθεται είς δημόσιον πλειοδοτικόν διαγωνισμόν ή εκμίσθωσις τού κέντρου εστιατορίου καί μπάρ είς τήν περιοχήν τών Λουτρών.

ΑΣΦΑΛΤΟΣΤΡΩΣΙΣ ΟΔΩΝ

Ο Δήμαρχος Νεαπόλεως προκηρύσσει δημόσιον μειοδοτικόν διαγωνισμόν διά τήν ασφαλτόστρωσιν οδών τής πόλεως. Ό διαγωνισμός θά διεξαχθή είς τό Δημαρχείον. Ο Δήμαρχος Νεαπόλεως προκηρύσσει δημόσιον μειοδοτικόν διαγωνισμόν διά τήν ασφαλτόστρωσιν οδών τής πόλεως. Ό διαγωνισμός θά διεξαχθή είς τό Δημαρχείον.
